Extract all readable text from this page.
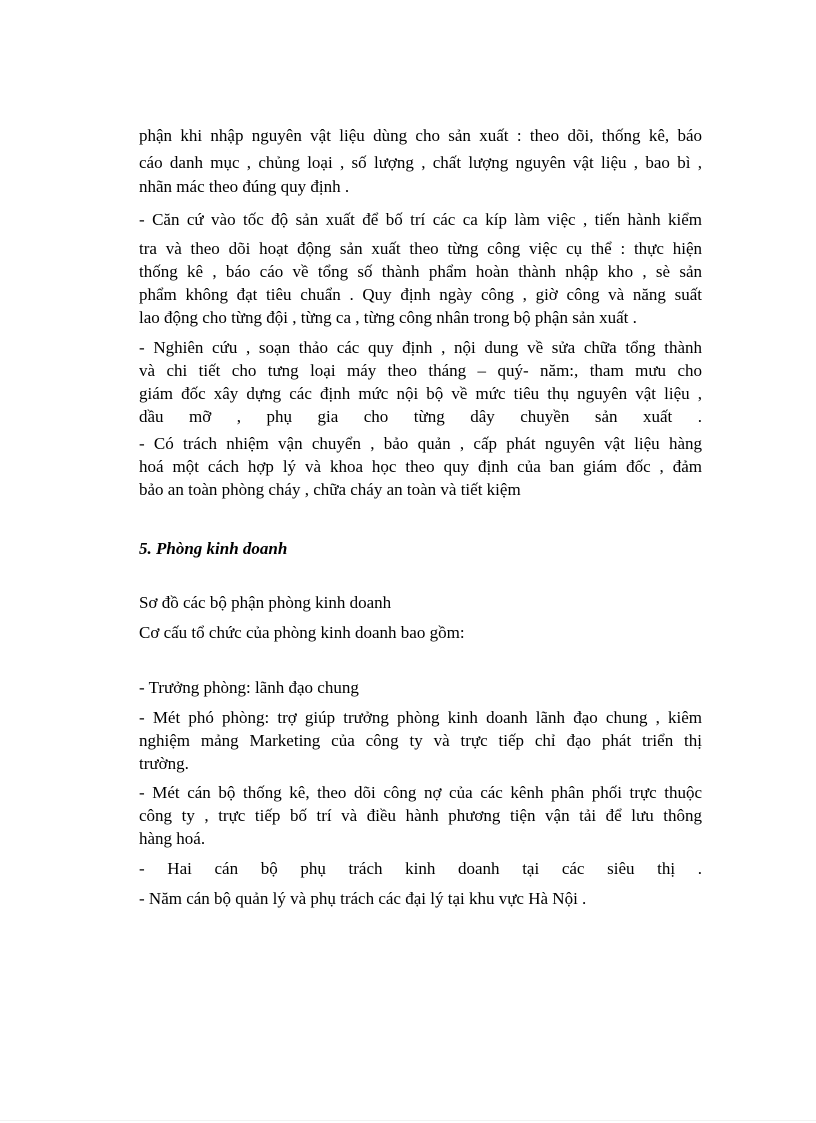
phận khi nhập nguyên vật liệu dùng cho sản xuất : theo dõi, thống kê, báo
cáo danh mục , chủng loại , số lượng , chất lượng nguyên vật liệu , bao bì ,
nhãn mác theo đúng quy định .
- Căn cứ vào tốc độ sản xuất để bố trí các ca kíp làm việc , tiến hành kiểm
tra và theo dõi hoạt động sản xuất theo từng công việc cụ thể : thực hiện
thống kê , báo cáo về tổng số thành phẩm hoàn thành nhập kho , sè sản
phẩm không đạt tiêu chuẩn . Quy định ngày công , giờ công và năng suất
lao động cho từng đội , từng ca , từng công nhân trong bộ phận sản xuất .
- Nghiên cứu , soạn thảo các quy định , nội dung về sửa chữa tổng thành
và chi tiết cho tưng loại máy theo tháng – quý- năm:, tham mưu cho
giám đốc xây dựng các định mức nội bộ về mức tiêu thụ nguyên vật liệu ,
dầu mỡ , phụ gia cho từng dây chuyền sản xuất .
- Có trách nhiệm vận chuyển , bảo quản , cấp phát nguyên vật liệu hàng
hoá một cách hợp lý và khoa học theo quy định của ban giám đốc , đảm
bảo an toàn phòng cháy , chữa cháy an toàn và tiết kiệm
5. Phòng kinh doanh
Sơ đồ các bộ phận phòng kinh doanh
Cơ cấu tổ chức của phòng kinh doanh bao gồm:
- Trưởng phòng: lãnh đạo chung
- Mét phó phòng: trợ giúp trưởng phòng kinh doanh lãnh đạo chung , kiêm
nghiệm mảng Marketing của công ty và trực tiếp chỉ đạo phát triển thị
trường.
- Mét cán bộ thống kê, theo dõi công nợ của các kênh phân phối trực thuộc
công ty , trực tiếp bố trí và điều hành phương tiện vận tải để lưu thông
hàng hoá.
- Hai cán bộ phụ trách kinh doanh tại các siêu thị .
- Năm cán bộ quản lý và phụ trách các đại lý tại khu vực Hà Nội .
